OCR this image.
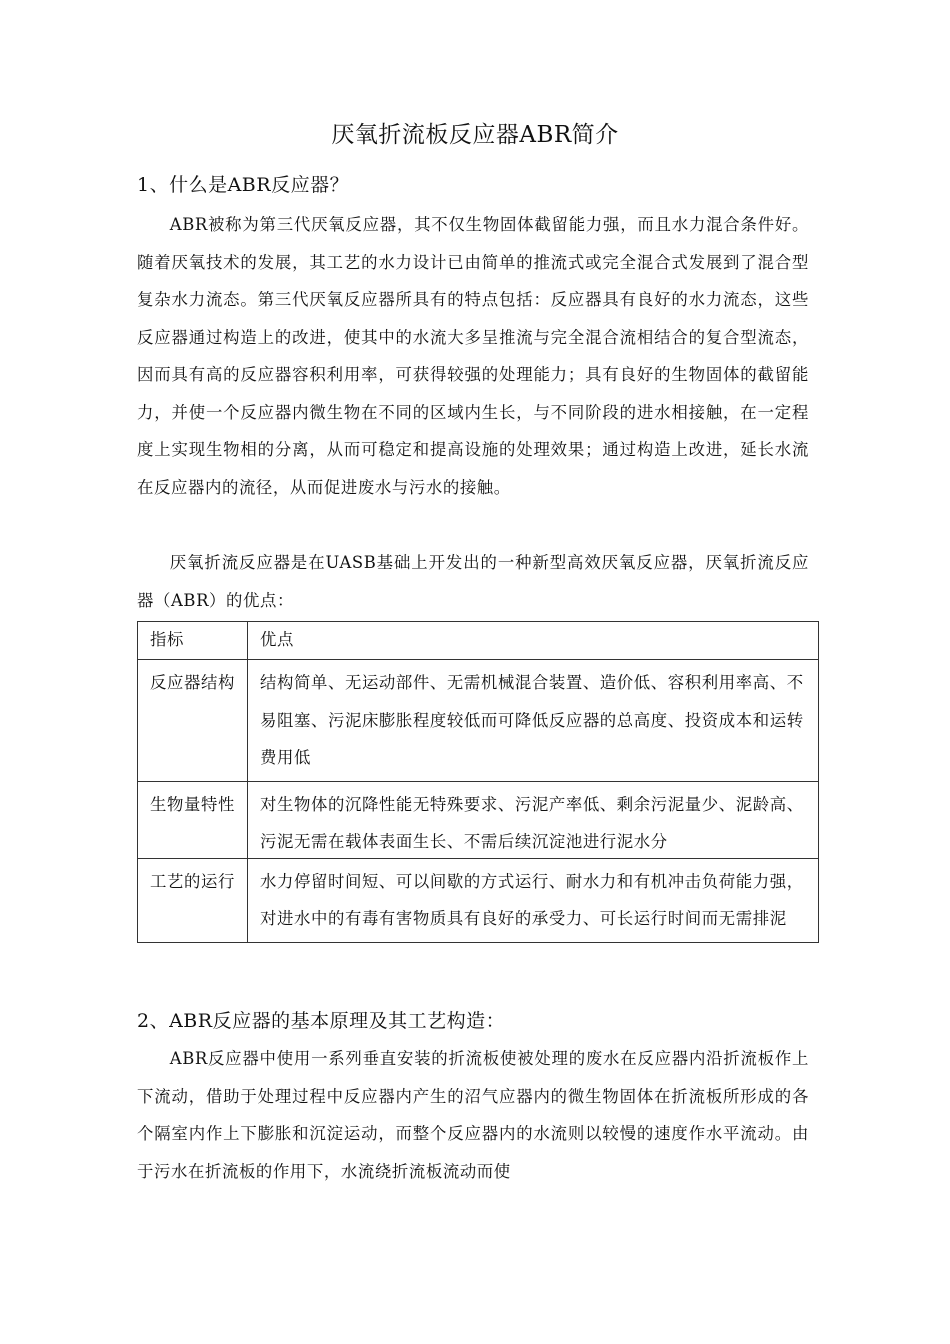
厌氧折流板反应器ABR简介
1、什么是ABR反应器？

ABR被称为第三代厌氧反应器，其不仅生物固体截留能力强，而且水力混合条件好。随着厌氧技术的发展，其工艺的水力设计已由简单的推流式或完全混合式发展到了混合型复杂水力流态。第三代厌氧反应器所具有的特点包括：反应器具有良好的水力流态，这些反应器通过构造上的改进，使其中的水流大多呈推流与完全混合流相结合的复合型流态，因而具有高的反应器容积利用率，可获得较强的处理能力；具有良好的生物固体的截留能力，并使一个反应器内微生物在不同的区域内生长，与不同阶段的进水相接触，在一定程度上实现生物相的分离，从而可稳定和提高设施的处理效果；通过构造上改进，延长水流在反应器内的流径，从而促进废水与污水的接触。

厌氧折流反应器是在UASB基础上开发出的一种新型高效厌氧反应器，厌氧折流反应器（ABR）的优点：

指标	优点
反应器结构	结构简单、无运动部件、无需机械混合装置、造价低、容积利用率高、不易阻塞、污泥床膨胀程度较低而可降低反应器的总高度、投资成本和运转费用低
生物量特性	对生物体的沉降性能无特殊要求、污泥产率低、剩余污泥量少、泥龄高、污泥无需在载体表面生长、不需后续沉淀池进行泥水分

工艺的运行	水力停留时间短、可以间歇的方式运行、耐水力和有机冲击负荷能力强，对进水中的有毒有害物质具有良好的承受力、可长运行时间而无需排泥
2、ABR反应器的基本原理及其工艺构造：

ABR反应器中使用一系列垂直安装的折流板使被处理的废水在反应器内沿折流板作上下流动，借助于处理过程中反应器内产生的沼气应器内的微生物固体在折流板所形成的各个隔室内作上下膨胀和沉淀运动，而整个反应器内的水流则以较慢的速度作水平流动。由于污水在折流板的作用下，水流绕折流板流动而使
